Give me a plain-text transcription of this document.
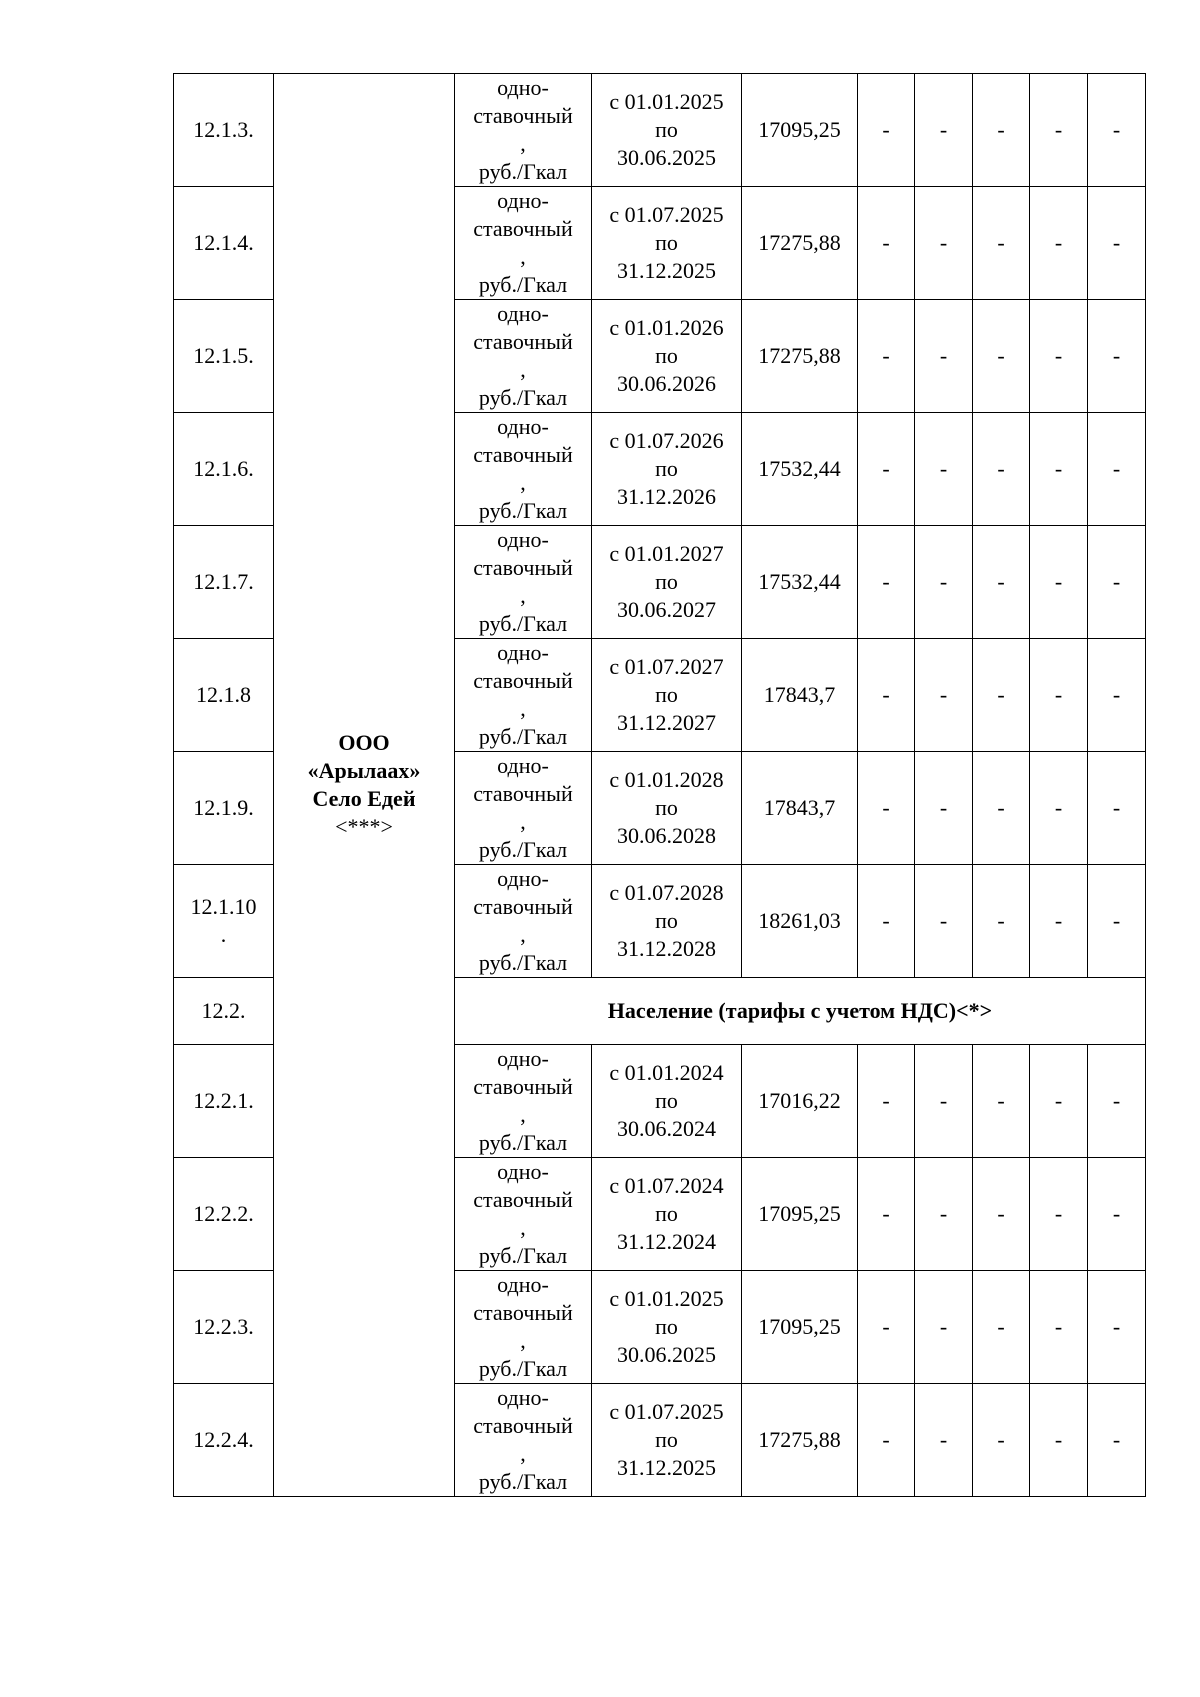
12.1.3.	ООО
«Арылаах»
Село Едей
<***>	одно-
ставочный
,
руб./Гкал	с 01.01.2025
по
30.06.2025	17095,25	-	-	-	-	-
12.1.4.		одно-
ставочный
,
руб./Гкал	с 01.07.2025
по
31.12.2025	17275,88	-	-	-	-	-
12.1.5.		одно-
ставочный
,
руб./Гкал	с 01.01.2026
по
30.06.2026	17275,88	-	-	-	-	-
12.1.6.		одно-
ставочный
,
руб./Гкал	с 01.07.2026
по
31.12.2026	17532,44	-	-	-	-	-
12.1.7.		одно-
ставочный
,
руб./Гкал	с 01.01.2027
по
30.06.2027	17532,44	-	-	-	-	-
12.1.8		одно-
ставочный
,
руб./Гкал	с 01.07.2027
по
31.12.2027	17843,7	-	-	-	-	-
12.1.9.		одно-
ставочный
,
руб./Гкал	с 01.01.2028
по
30.06.2028	17843,7	-	-	-	-	-
12.1.10
.		одно-
ставочный
,
руб./Гкал	с 01.07.2028
по
31.12.2028	18261,03	-	-	-	-	-
12.2.		Население (тарифы с учетом НДС)<*>							
12.2.1.		одно-
ставочный
,
руб./Гкал	с 01.01.2024
по
30.06.2024	17016,22	-	-	-	-	-
12.2.2.		одно-
ставочный
,
руб./Гкал	с 01.07.2024
по
31.12.2024	17095,25	-	-	-	-	-
12.2.3.		одно-
ставочный
,
руб./Гкал	с 01.01.2025
по
30.06.2025	17095,25	-	-	-	-	-
12.2.4.		одно-
ставочный
,
руб./Гкал	с 01.07.2025
по
31.12.2025	17275,88	-	-	-	-	-
